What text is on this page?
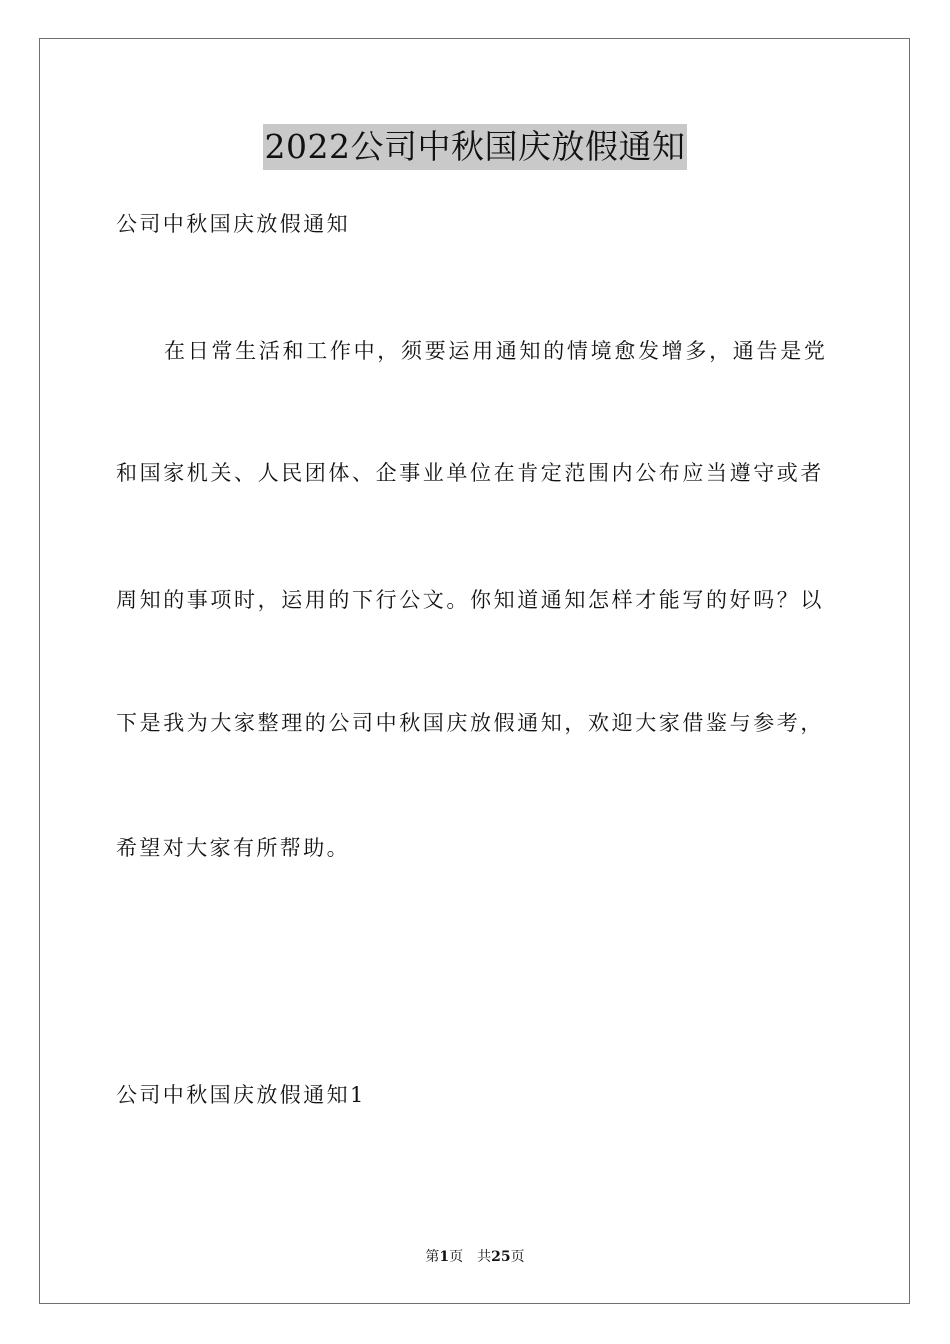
2022公司中秋国庆放假通知
公司中秋国庆放假通知
在日常生活和工作中，须要运用通知的情境愈发增多，通告是党
和国家机关、人民团体、企事业单位在肯定范围内公布应当遵守或者
周知的事项时，运用的下行公文。你知道通知怎样才能写的好吗？以
下是我为大家整理的公司中秋国庆放假通知，欢迎大家借鉴与参考，
希望对大家有所帮助。
公司中秋国庆放假通知1
第1页 共25页
